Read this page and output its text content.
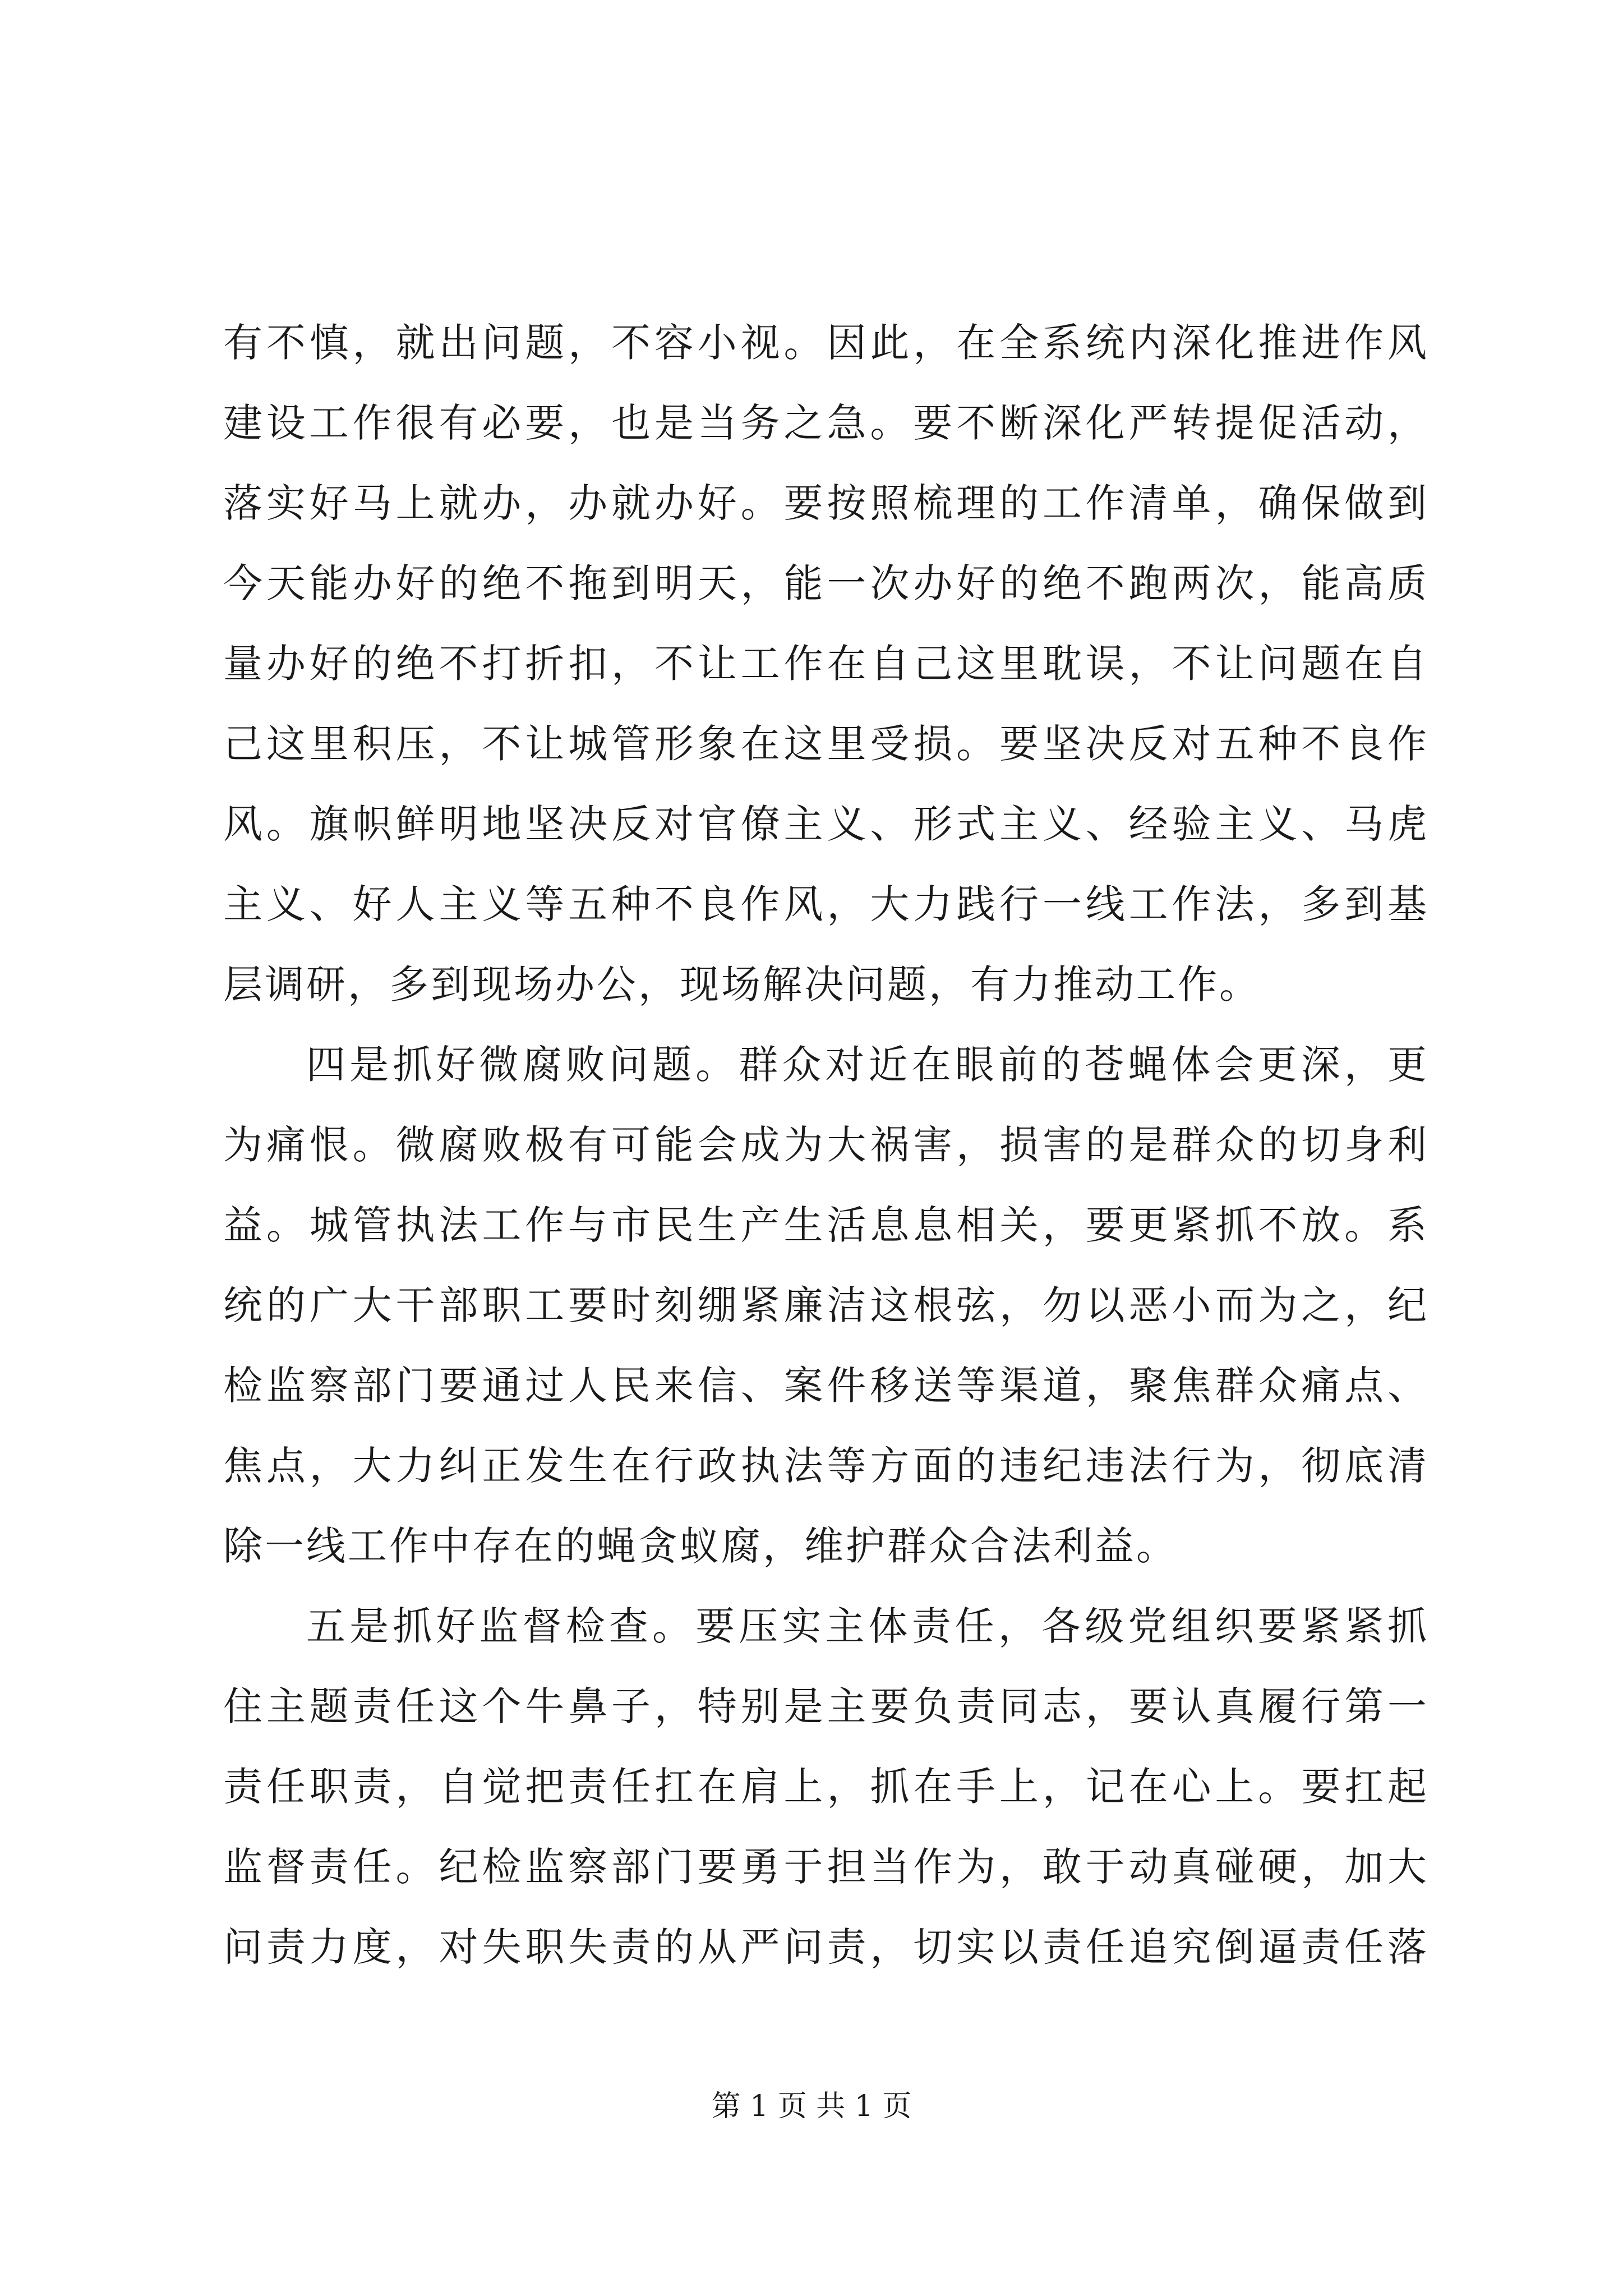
有不慎，就出问题，不容小视。因此，在全系统内深化推进作风
建设工作很有必要，也是当务之急。要不断深化严转提促活动，
落实好马上就办，办就办好。要按照梳理的工作清单，确保做到
今天能办好的绝不拖到明天，能一次办好的绝不跑两次，能高质
量办好的绝不打折扣，不让工作在自己这里耽误，不让问题在自
己这里积压，不让城管形象在这里受损。要坚决反对五种不良作
风。旗帜鲜明地坚决反对官僚主义、形式主义、经验主义、马虎
主义、好人主义等五种不良作风，大力践行一线工作法，多到基
层调研，多到现场办公，现场解决问题，有力推动工作。
四是抓好微腐败问题。群众对近在眼前的苍蝇体会更深，更
为痛恨。微腐败极有可能会成为大祸害，损害的是群众的切身利
益。城管执法工作与市民生产生活息息相关，要更紧抓不放。系
统的广大干部职工要时刻绷紧廉洁这根弦，勿以恶小而为之，纪
检监察部门要通过人民来信、案件移送等渠道，聚焦群众痛点、
焦点，大力纠正发生在行政执法等方面的违纪违法行为，彻底清
除一线工作中存在的蝇贪蚁腐，维护群众合法利益。
五是抓好监督检查。要压实主体责任，各级党组织要紧紧抓
住主题责任这个牛鼻子，特别是主要负责同志，要认真履行第一
责任职责，自觉把责任扛在肩上，抓在手上，记在心上。要扛起
监督责任。纪检监察部门要勇于担当作为，敢于动真碰硬，加大
问责力度，对失职失责的从严问责，切实以责任追究倒逼责任落
第 1 页 共 1 页
